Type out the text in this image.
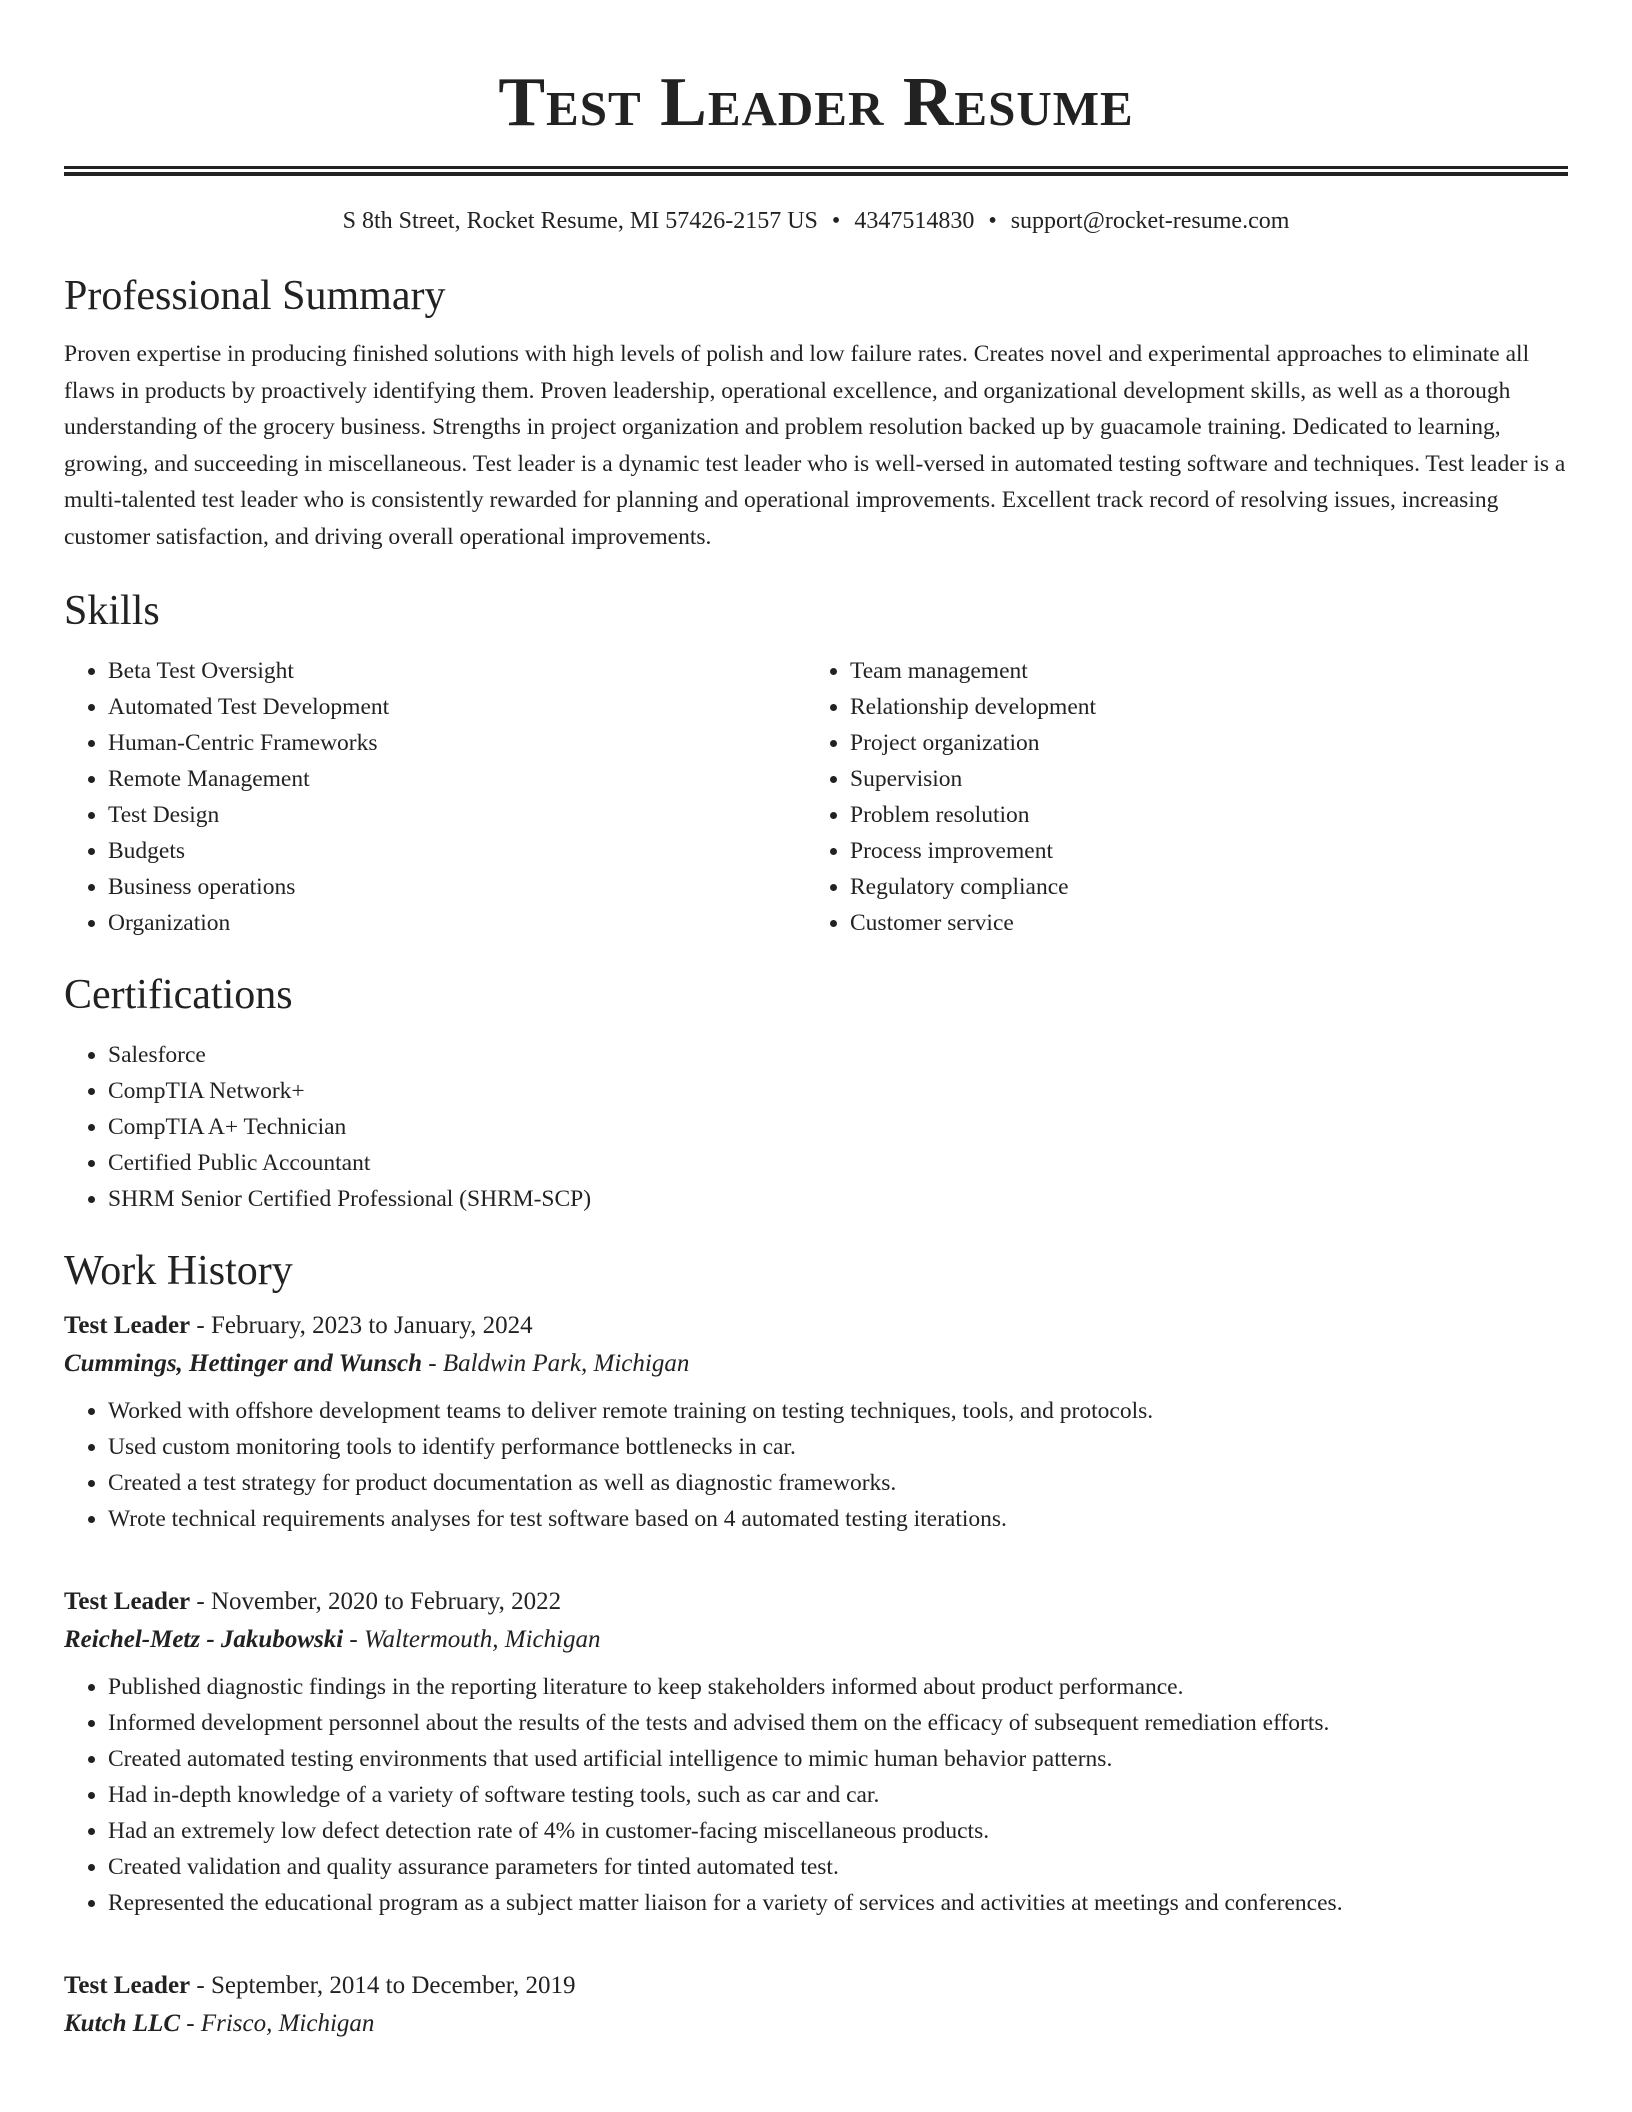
Test Leader Resume
S 8th Street, Rocket Resume, MI 57426-2157 US • 4347514830 • support@rocket-resume.com
Professional Summary

Proven expertise in producing finished solutions with high levels of polish and low failure rates. Creates novel and experimental approaches to eliminate all flaws in products by proactively identifying them. Proven leadership, operational excellence, and organizational development skills, as well as a thorough understanding of the grocery business. Strengths in project organization and problem resolution backed up by guacamole training. Dedicated to learning, growing, and succeeding in miscellaneous. Test leader is a dynamic test leader who is well-versed in automated testing software and techniques. Test leader is a multi-talented test leader who is consistently rewarded for planning and operational improvements. Excellent track record of resolving issues, increasing customer satisfaction, and driving overall operational improvements.

Skills
• Beta Test Oversight
• Automated Test Development
• Human-Centric Frameworks
• Remote Management
• Test Design
• Budgets
• Business operations
• Organization
• Team management
• Relationship development
• Project organization
• Supervision
• Problem resolution
• Process improvement
• Regulatory compliance
• Customer service
Certifications
• Salesforce
• CompTIA Network+
• CompTIA A+ Technician
• Certified Public Accountant
• SHRM Senior Certified Professional (SHRM-SCP)
Work History
Test Leader - February, 2023 to January, 2024
Cummings, Hettinger and Wunsch - Baldwin Park, Michigan
• Worked with offshore development teams to deliver remote training on testing techniques, tools, and protocols.
• Used custom monitoring tools to identify performance bottlenecks in car.
• Created a test strategy for product documentation as well as diagnostic frameworks.
• Wrote technical requirements analyses for test software based on 4 automated testing iterations.
Test Leader - November, 2020 to February, 2022
Reichel-Metz - Jakubowski - Waltermouth, Michigan
• Published diagnostic findings in the reporting literature to keep stakeholders informed about product performance.
• Informed development personnel about the results of the tests and advised them on the efficacy of subsequent remediation efforts.
• Created automated testing environments that used artificial intelligence to mimic human behavior patterns.
• Had in-depth knowledge of a variety of software testing tools, such as car and car.
• Had an extremely low defect detection rate of 4% in customer-facing miscellaneous products.
• Created validation and quality assurance parameters for tinted automated test.
• Represented the educational program as a subject matter liaison for a variety of services and activities at meetings and conferences.
Test Leader - September, 2014 to December, 2019
Kutch LLC - Frisco, Michigan
